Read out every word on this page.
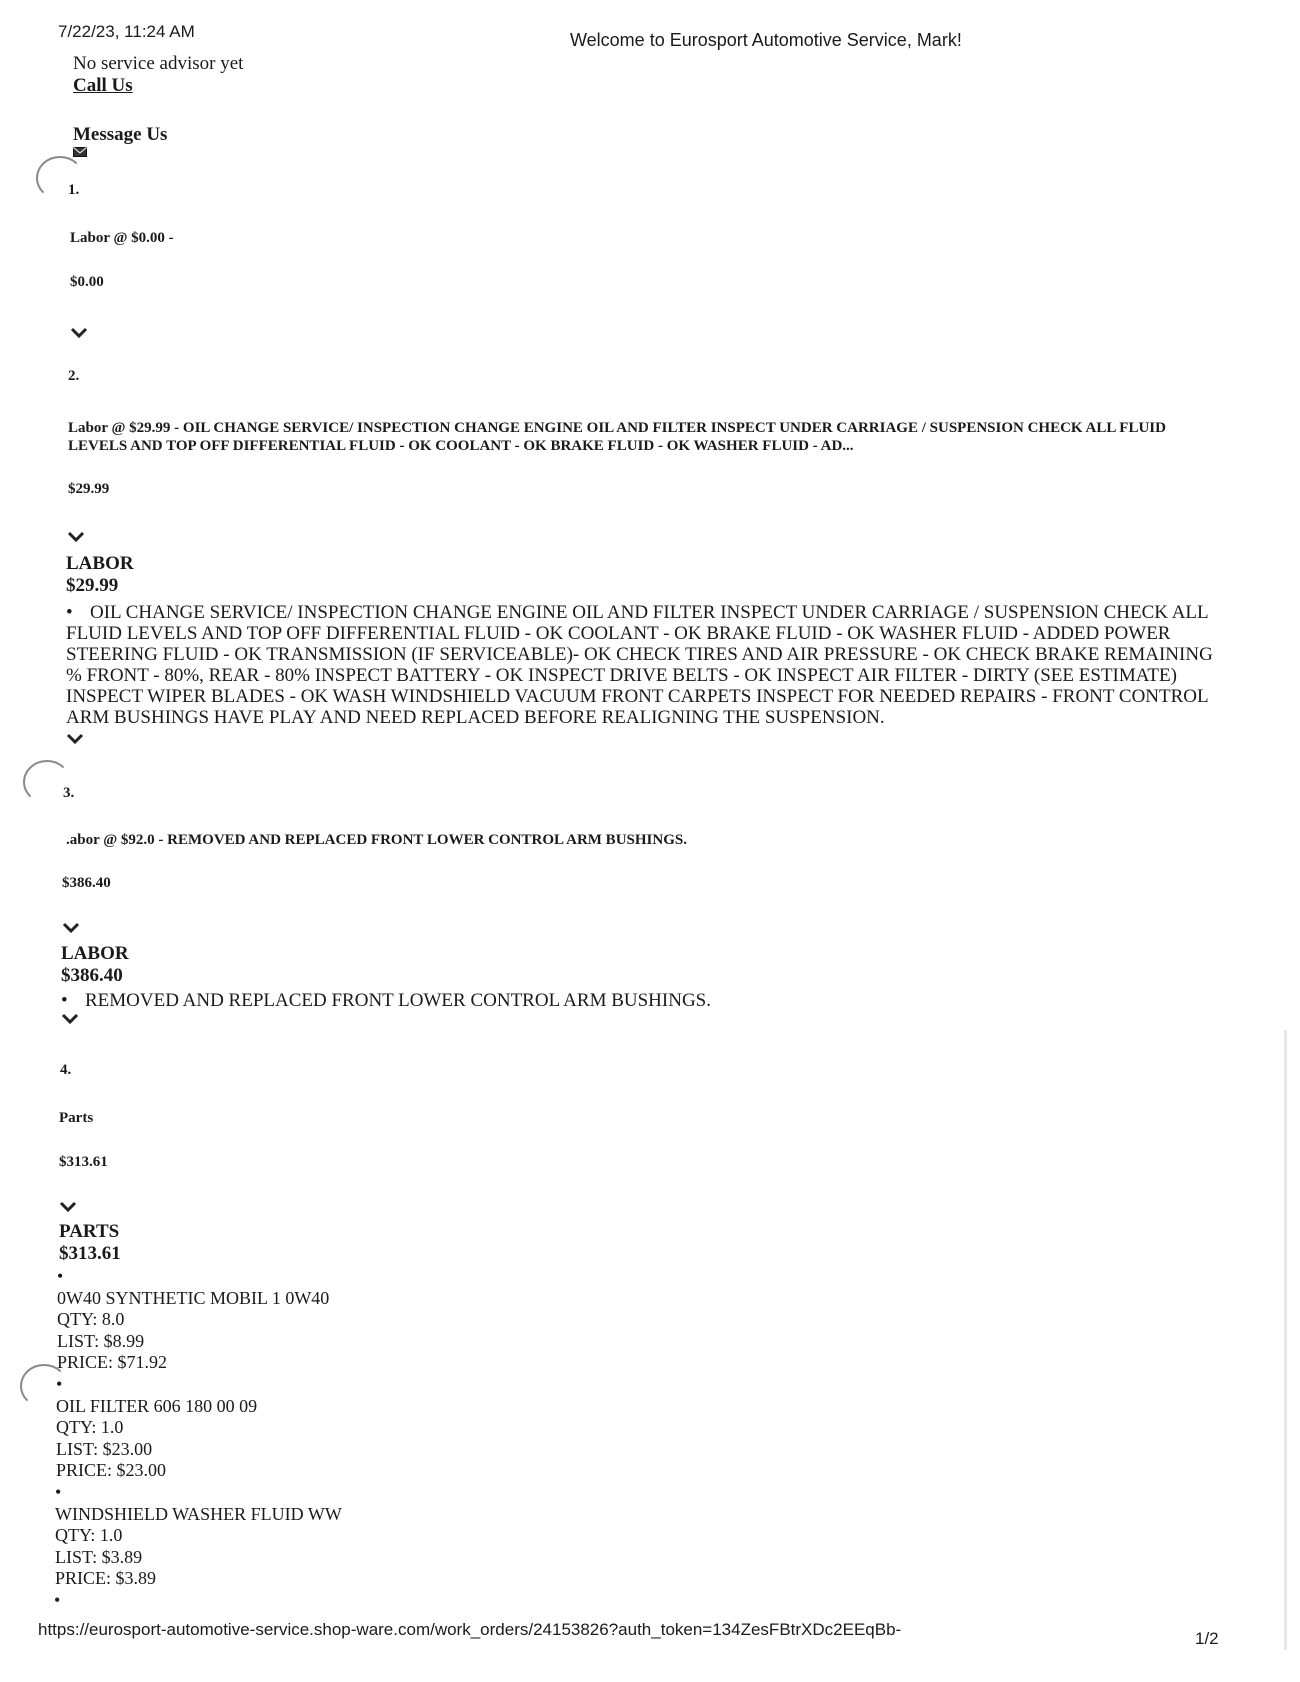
7/22/23, 11:24 AM	Welcome to Eurosport Automotive Service, Mark!
No service advisor yet
Call Us
Message Us
1.
Labor @ $0.00 -
$0.00
2.
Labor @ $29.99 - OIL CHANGE SERVICE/ INSPECTION CHANGE ENGINE OIL AND FILTER INSPECT UNDER CARRIAGE / SUSPENSION CHECK ALL FLUID LEVELS AND TOP OFF DIFFERENTIAL FLUID - OK COOLANT - OK BRAKE FLUID - OK WASHER FLUID - AD...
$29.99
LABOR
$29.99
• OIL CHANGE SERVICE/ INSPECTION CHANGE ENGINE OIL AND FILTER INSPECT UNDER CARRIAGE / SUSPENSION CHECK ALL FLUID LEVELS AND TOP OFF DIFFERENTIAL FLUID - OK COOLANT - OK BRAKE FLUID - OK WASHER FLUID - ADDED POWER STEERING FLUID - OK TRANSMISSION (IF SERVICEABLE)- OK CHECK TIRES AND AIR PRESSURE - OK CHECK BRAKE REMAINING % FRONT - 80%, REAR - 80% INSPECT BATTERY - OK INSPECT DRIVE BELTS - OK INSPECT AIR FILTER - DIRTY (SEE ESTIMATE) INSPECT WIPER BLADES - OK WASH WINDSHIELD VACUUM FRONT CARPETS INSPECT FOR NEEDED REPAIRS - FRONT CONTROL ARM BUSHINGS HAVE PLAY AND NEED REPLACED BEFORE REALIGNING THE SUSPENSION.
3.
.abor @ $92.0 - REMOVED AND REPLACED FRONT LOWER CONTROL ARM BUSHINGS.
$386.40
LABOR
$386.40
• REMOVED AND REPLACED FRONT LOWER CONTROL ARM BUSHINGS.
4.
Parts
$313.61
PARTS
$313.61
•
0W40 SYNTHETIC MOBIL 1 0W40
QTY: 8.0
LIST: $8.99
PRICE: $71.92
•
OIL FILTER 606 180 00 09
QTY: 1.0
LIST: $23.00
PRICE: $23.00
•
WINDSHIELD WASHER FLUID WW
QTY: 1.0
LIST: $3.89
PRICE: $3.89
•
https://eurosport-automotive-service.shop-ware.com/work_orders/24153826?auth_token=134ZesFBtrXDc2EEqBb-	1/2
